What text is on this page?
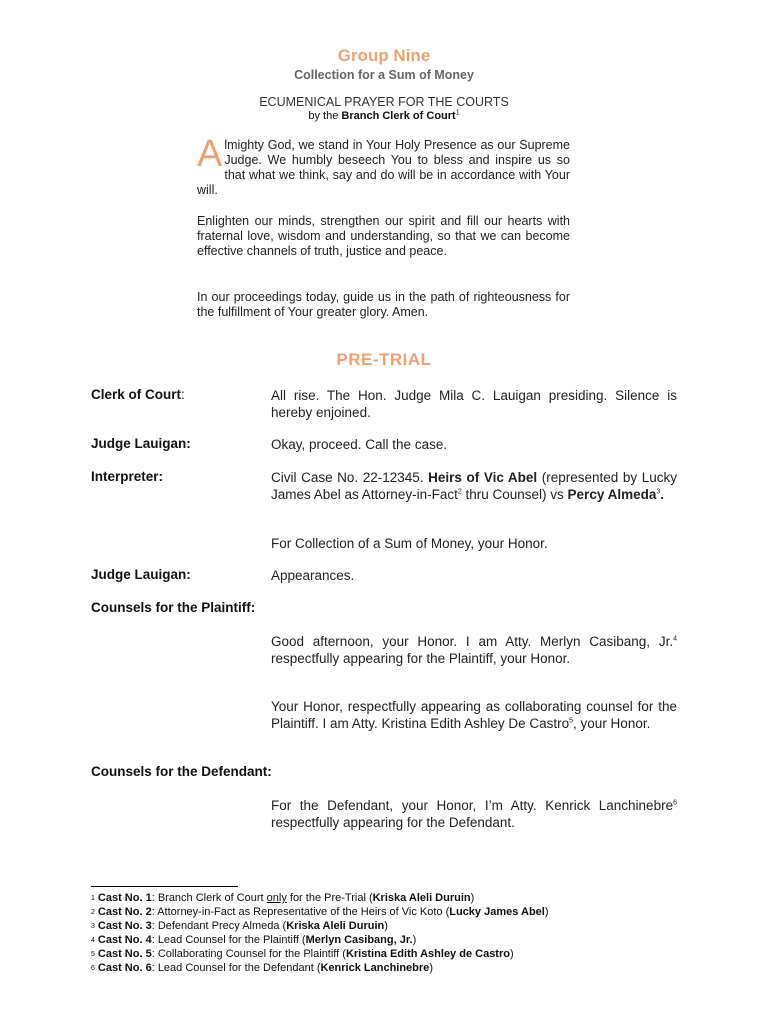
Group Nine
Collection for a Sum of Money
ECUMENICAL PRAYER FOR THE COURTS
by the Branch Clerk of Court$^1$
Almighty God, we stand in Your Holy Presence as our Supreme Judge. We humbly beseech You to bless and inspire us so that what we think, say and do will be in accordance with Your will.
Enlighten our minds, strengthen our spirit and fill our hearts with fraternal love, wisdom and understanding, so that we can become effective channels of truth, justice and peace.
In our proceedings today, guide us in the path of righteousness for the fulfillment of Your greater glory. Amen.
PRE-TRIAL
Clerk of Court:	All rise. The Hon. Judge Mila C. Lauigan presiding. Silence is hereby enjoined.
Judge Lauigan:	Okay, proceed. Call the case.
Interpreter:	Civil Case No. 22-12345. Heirs of Vic Abel (represented by Lucky James Abel as Attorney-in-Fact$^2$ thru Counsel) vs Percy Almeda$^3$.
For Collection of a Sum of Money, your Honor.
Judge Lauigan:	Appearances.
Counsels for the Plaintiff:
Good afternoon, your Honor. I am Atty. Merlyn Casibang, Jr.$^4$ respectfully appearing for the Plaintiff, your Honor.
Your Honor, respectfully appearing as collaborating counsel for the Plaintiff. I am Atty. Kristina Edith Ashley De Castro$^5$, your Honor.
Counsels for the Defendant:
For the Defendant, your Honor, I’m Atty. Kenrick Lanchinebre$^6$ respectfully appearing for the Defendant.
$^1$ Cast No. 1: Branch Clerk of Court only for the Pre-Trial (Kriska Aleli Duruin)
$^2$ Cast No. 2: Attorney-in-Fact as Representative of the Heirs of Vic Koto (Lucky James Abel)
$^3$ Cast No. 3: Defendant Precy Almeda (Kriska Aleli Duruin)
$^4$ Cast No. 4: Lead Counsel for the Plaintiff (Merlyn Casibang, Jr.)
$^5$ Cast No. 5: Collaborating Counsel for the Plaintiff (Kristina Edith Ashley de Castro)
$^6$ Cast No. 6: Lead Counsel for the Defendant (Kenrick Lanchinebre)
